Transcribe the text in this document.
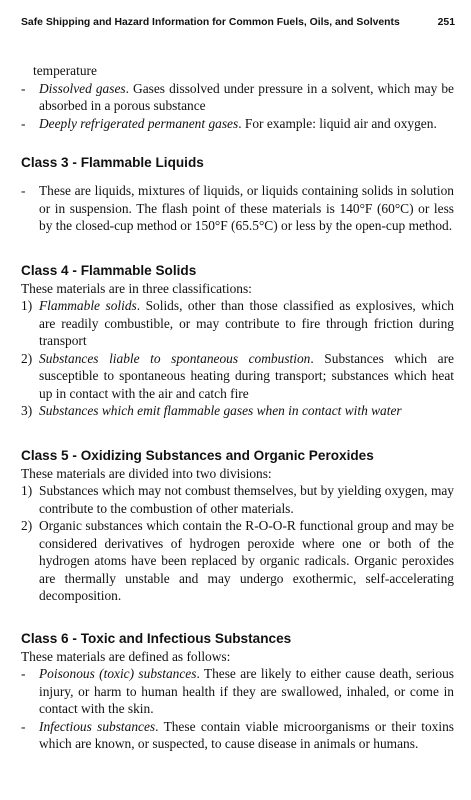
Safe Shipping and Hazard Information for Common Fuels, Oils, and Solvents	251

temperature

-	Dissolved gases. Gases dissolved under pressure in a solvent, which may be absorbed in a porous substance
-	Deeply refrigerated permanent gases. For example: liquid air and oxygen.
Class 3 - Flammable Liquids
-	These are liquids, mixtures of liquids, or liquids containing solids in solution or in suspension. The flash point of these materials is 140°F (60°C) or less by the closed-cup method or 150°F (65.5°C) or less by the open-cup method.
Class 4 - Flammable Solids

These materials are in three classifications:

1) Flammable solids. Solids, other than those classified as explosives, which are readily combustible, or may contribute to fire through friction during transport
2) Substances liable to spontaneous combustion. Substances which are susceptible to spontaneous heating during transport; substances which heat up in contact with the air and catch fire
3) Substances which emit flammable gases when in contact with water
Class 5 - Oxidizing Substances and Organic Peroxides

These materials are divided into two divisions:

1) Substances which may not combust themselves, but by yielding oxygen, may contribute to the combustion of other materials.
2) Organic substances which contain the R-O-O-R functional group and may be considered derivatives of hydrogen peroxide where one or both of the hydrogen atoms have been replaced by organic radicals. Organic peroxides are thermally unstable and may undergo exothermic, self-accelerating decomposition.
Class 6 - Toxic and Infectious Substances

These materials are defined as follows:

-	Poisonous (toxic) substances. These are likely to either cause death, serious injury, or harm to human health if they are swallowed, inhaled, or come in contact with the skin.
-	Infectious substances. These contain viable microorganisms or their toxins which are known, or suspected, to cause disease in animals or humans.
